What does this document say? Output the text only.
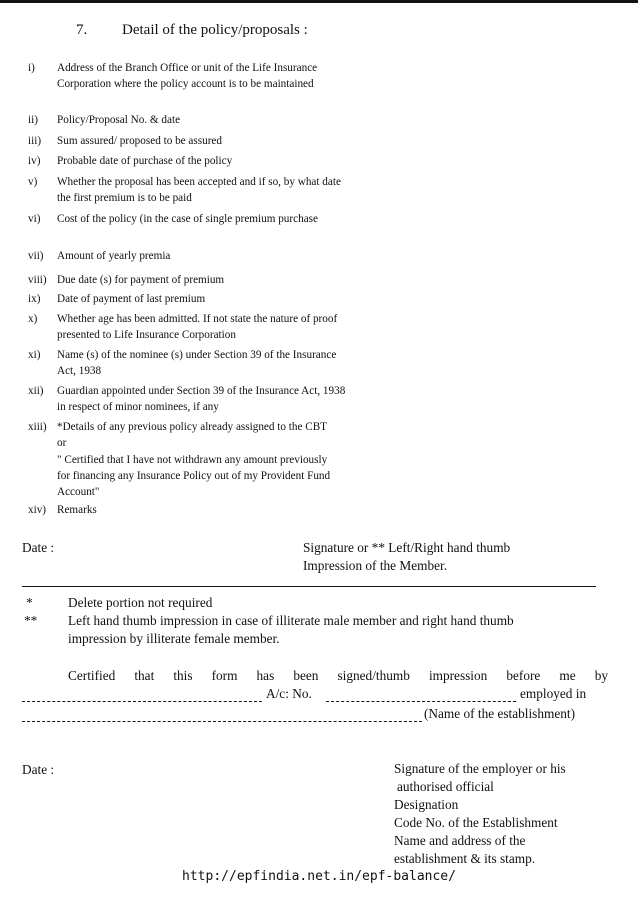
7. Detail of the policy/proposals :
i)	Address of the Branch Office or unit of the Life Insurance Corporation where the policy account is to be maintained
ii)	Policy/Proposal No. & date
iii)	Sum assured/ proposed to be assured
iv)	Probable date of purchase of the policy
v)	Whether the proposal has been accepted and if so, by what date the first premium is to be paid
vi)	Cost of the policy (in the case of single premium purchase
vii)	Amount of yearly premia
viii) Due date (s) for payment of premium
ix)	Date of payment of last premium
x)	Whether age has been admitted. If not state the nature of proof presented to Life Insurance Corporation
xi)	Name (s) of the nominee (s) under Section 39 of the Insurance Act, 1938
xii)	Guardian appointed under Section 39 of the Insurance Act, 1938 in respect of minor nominees, if any
xiii) *Details of any previous policy already assigned to the CBT or
" Certified that I have not withdrawn any amount previously for financing any Insurance Policy out of my Provident Fund Account"
xiv) Remarks
Date :	Signature or ** Left/Right hand thumb
Impression of the Member.
*	Delete portion not required
** Left hand thumb impression in case of illiterate male member and right hand thumb
impression by illiterate female member.
Certified that this form has been signed/thumb impression before me by
A/c: No.	employed in
(Name of the establishment)
Date :	Signature of the employer or his
authorised official
Designation
Code No. of the Establishment
Name and address of the
establishment & its stamp.
http://epfindia.net.in/epf-balance/
